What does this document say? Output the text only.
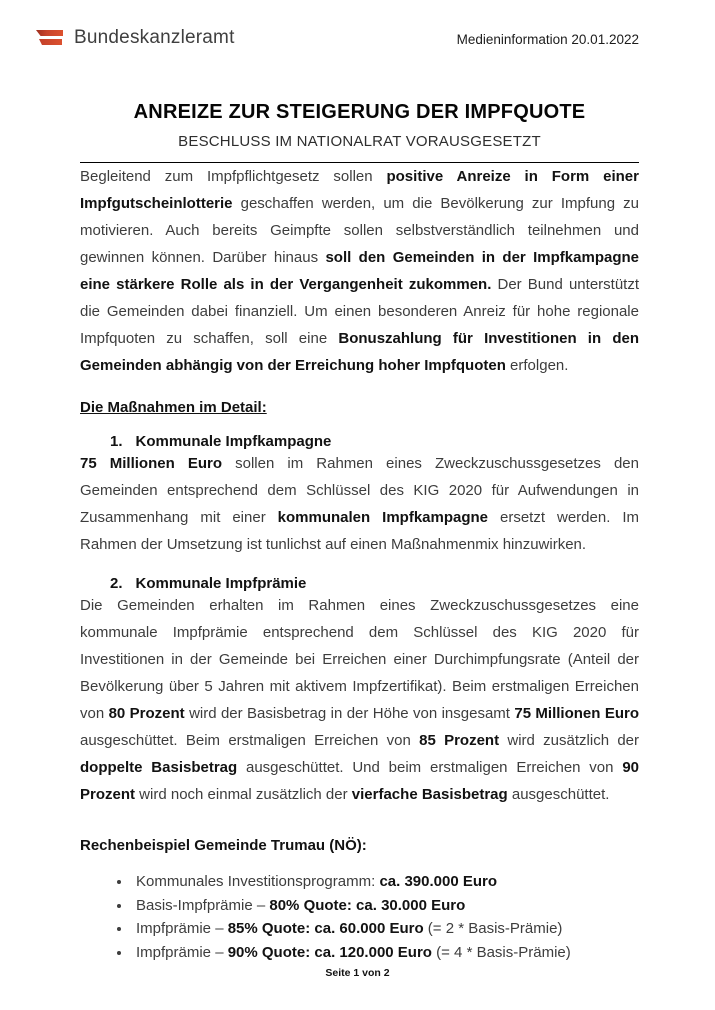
Bundeskanzleramt	Medieninformation 20.01.2022
ANREIZE ZUR STEIGERUNG DER IMPFQUOTE
BESCHLUSS IM NATIONALRAT VORAUSGESETZT

Begleitend zum Impfpflichtgesetz sollen positive Anreize in Form einer Impfgutscheinlotterie geschaffen werden, um die Bevölkerung zur Impfung zu motivieren. Auch bereits Geimpfte sollen selbstverständlich teilnehmen und gewinnen können. Darüber hinaus soll den Gemeinden in der Impfkampagne eine stärkere Rolle als in der Vergangenheit zukommen. Der Bund unterstützt die Gemeinden dabei finanziell. Um einen besonderen Anreiz für hohe regionale Impfquoten zu schaffen, soll eine Bonuszahlung für Investitionen in den Gemeinden abhängig von der Erreichung hoher Impfquoten erfolgen.

Die Maßnahmen im Detail:
1. Kommunale Impfkampagne

75 Millionen Euro sollen im Rahmen eines Zweckzuschussgesetzes den Gemeinden entsprechend dem Schlüssel des KIG 2020 für Aufwendungen in Zusammenhang mit einer kommunalen Impfkampagne ersetzt werden. Im Rahmen der Umsetzung ist tunlichst auf einen Maßnahmenmix hinzuwirken.

2. Kommunale Impfprämie

Die Gemeinden erhalten im Rahmen eines Zweckzuschussgesetzes eine kommunale Impfprämie entsprechend dem Schlüssel des KIG 2020 für Investitionen in der Gemeinde bei Erreichen einer Durchimpfungsrate (Anteil der Bevölkerung über 5 Jahren mit aktivem Impfzertifikat). Beim erstmaligen Erreichen von 80 Prozent wird der Basisbetrag in der Höhe von insgesamt 75 Millionen Euro ausgeschüttet. Beim erstmaligen Erreichen von 85 Prozent wird zusätzlich der doppelte Basisbetrag ausgeschüttet. Und beim erstmaligen Erreichen von 90 Prozent wird noch einmal zusätzlich der vierfache Basisbetrag ausgeschüttet.

Rechenbeispiel Gemeinde Trumau (NÖ):
• Kommunales Investitionsprogramm: ca. 390.000 Euro
• Basis-Impfprämie – 80% Quote: ca. 30.000 Euro
• Impfprämie – 85% Quote: ca. 60.000 Euro (= 2 * Basis-Prämie)
• Impfprämie – 90% Quote: ca. 120.000 Euro (= 4 * Basis-Prämie)
Seite 1 von 2
